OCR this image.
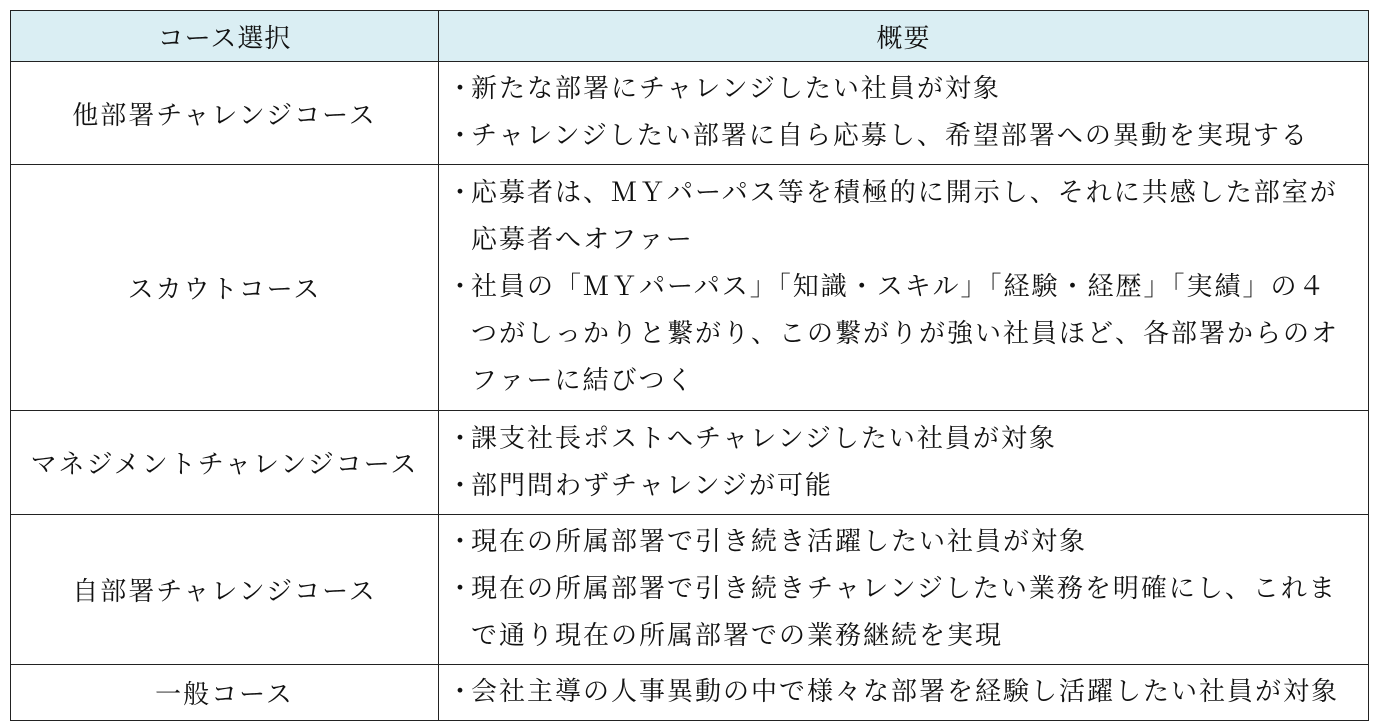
コース選択	概要
他部署チャレンジコース	・
新たな部署にチャレンジしたい社員が対象
・
チャレンジしたい部署に自ら応募し、希望部署への異動を実現する

スカウトコース	・
応募者は、ＭＹパーパス等を積極的に開示し、それに共感した部室が応募者へオファー
・
社員の「ＭＹパーパス」「知識・スキル」「経験・経歴」「実績」の４つがしっかりと繋がり、この繋がりが強い社員ほど、各部署からのオファーに結びつく

マネジメントチャレンジコース	・
課支社長ポストへチャレンジしたい社員が対象
・
部門問わずチャレンジが可能

自部署チャレンジコース	・
現在の所属部署で引き続き活躍したい社員が対象
・
現在の所属部署で引き続きチャレンジしたい業務を明確にし、これまで通り現在の所属部署での業務継続を実現

一般コース	・
会社主導の人事異動の中で様々な部署を経験し活躍したい社員が対象
